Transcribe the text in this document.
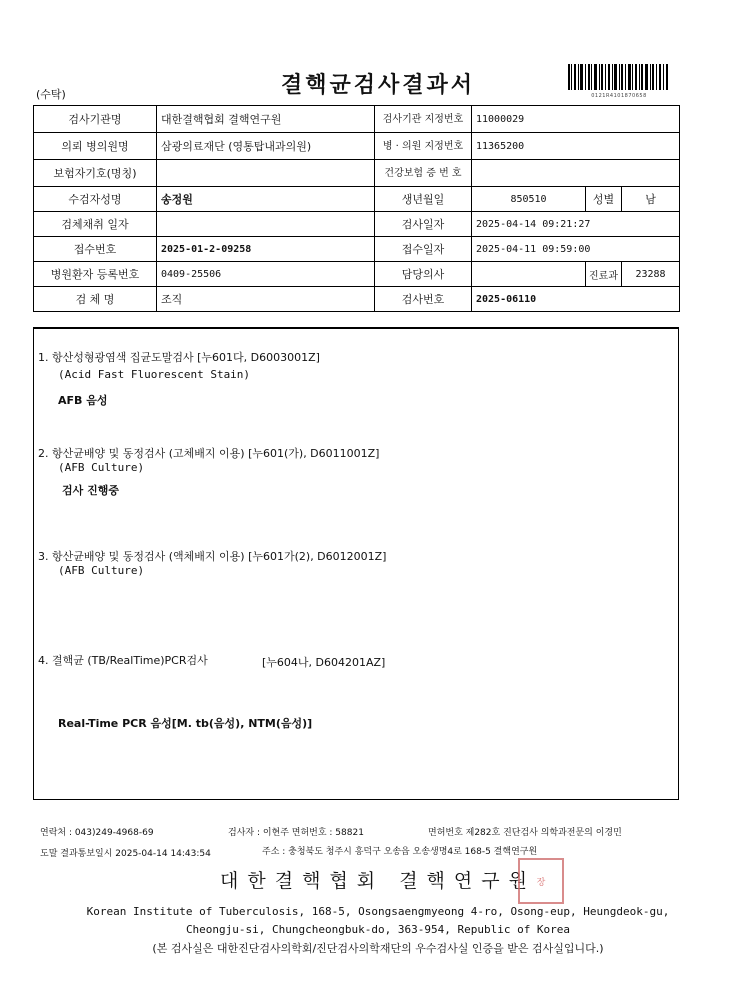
(수탁)	결핵균검사결과서	0121R4101870658
검사기관명	대한결핵협회 결핵연구원	검사기관 지정번호	11000029		
의뢰 병의원명	삼광의료재단 (영통탑내과의원)	병 · 의원 지정번호	11365200		
보험자기호(명칭)		건강보험 증 번 호			
수검자성명	송정원	생년월일	850510	성별	남
검체채취 일자		검사일자	2025-04-14 09:21:27		
접수번호	2025-01-2-09258	접수일자	2025-04-11 09:59:00		
병원환자 등록번호	0409-25506	담당의사		진료과	23288
검 체 명	조직	검사번호	2025-06110		
1. 항산성형광염색 집균도말검사 [누601다, D6003001Z]
(Acid Fast Fluorescent Stain)
AFB 음성
2. 항산균배양 및 동정검사 (고체배지 이용) [누601(가), D6011001Z]
(AFB Culture)
검사 진행중
3. 항산균배양 및 동정검사 (액체배지 이용) [누601가(2), D6012001Z]
(AFB Culture)
4. 결핵균 (TB/RealTime)PCR검사	[누604나, D604201AZ]
Real-Time PCR 음성[M. tb(음성), NTM(음성)]
연락처 : 043)249-4968-69	검사자 : 이현주 면허번호 : 58821	면허번호 제282호 진단검사 의학과전문의 이경민
도말 결과통보일시 2025-04-14 14:43:54	주소 : 충청북도 청주시 흥덕구 오송읍 오송생명4로 168-5 결핵연구원
대한결핵협회 결핵연구원 장
Korean Institute of Tuberculosis, 168-5, Osongsaengmyeong 4-ro, Osong-eup, Heungdeok-gu,
Cheongju-si, Chungcheongbuk-do, 363-954, Republic of Korea
(본 검사실은 대한진단검사의학회/진단검사의학재단의 우수검사실 인증을 받은 검사실입니다.)
